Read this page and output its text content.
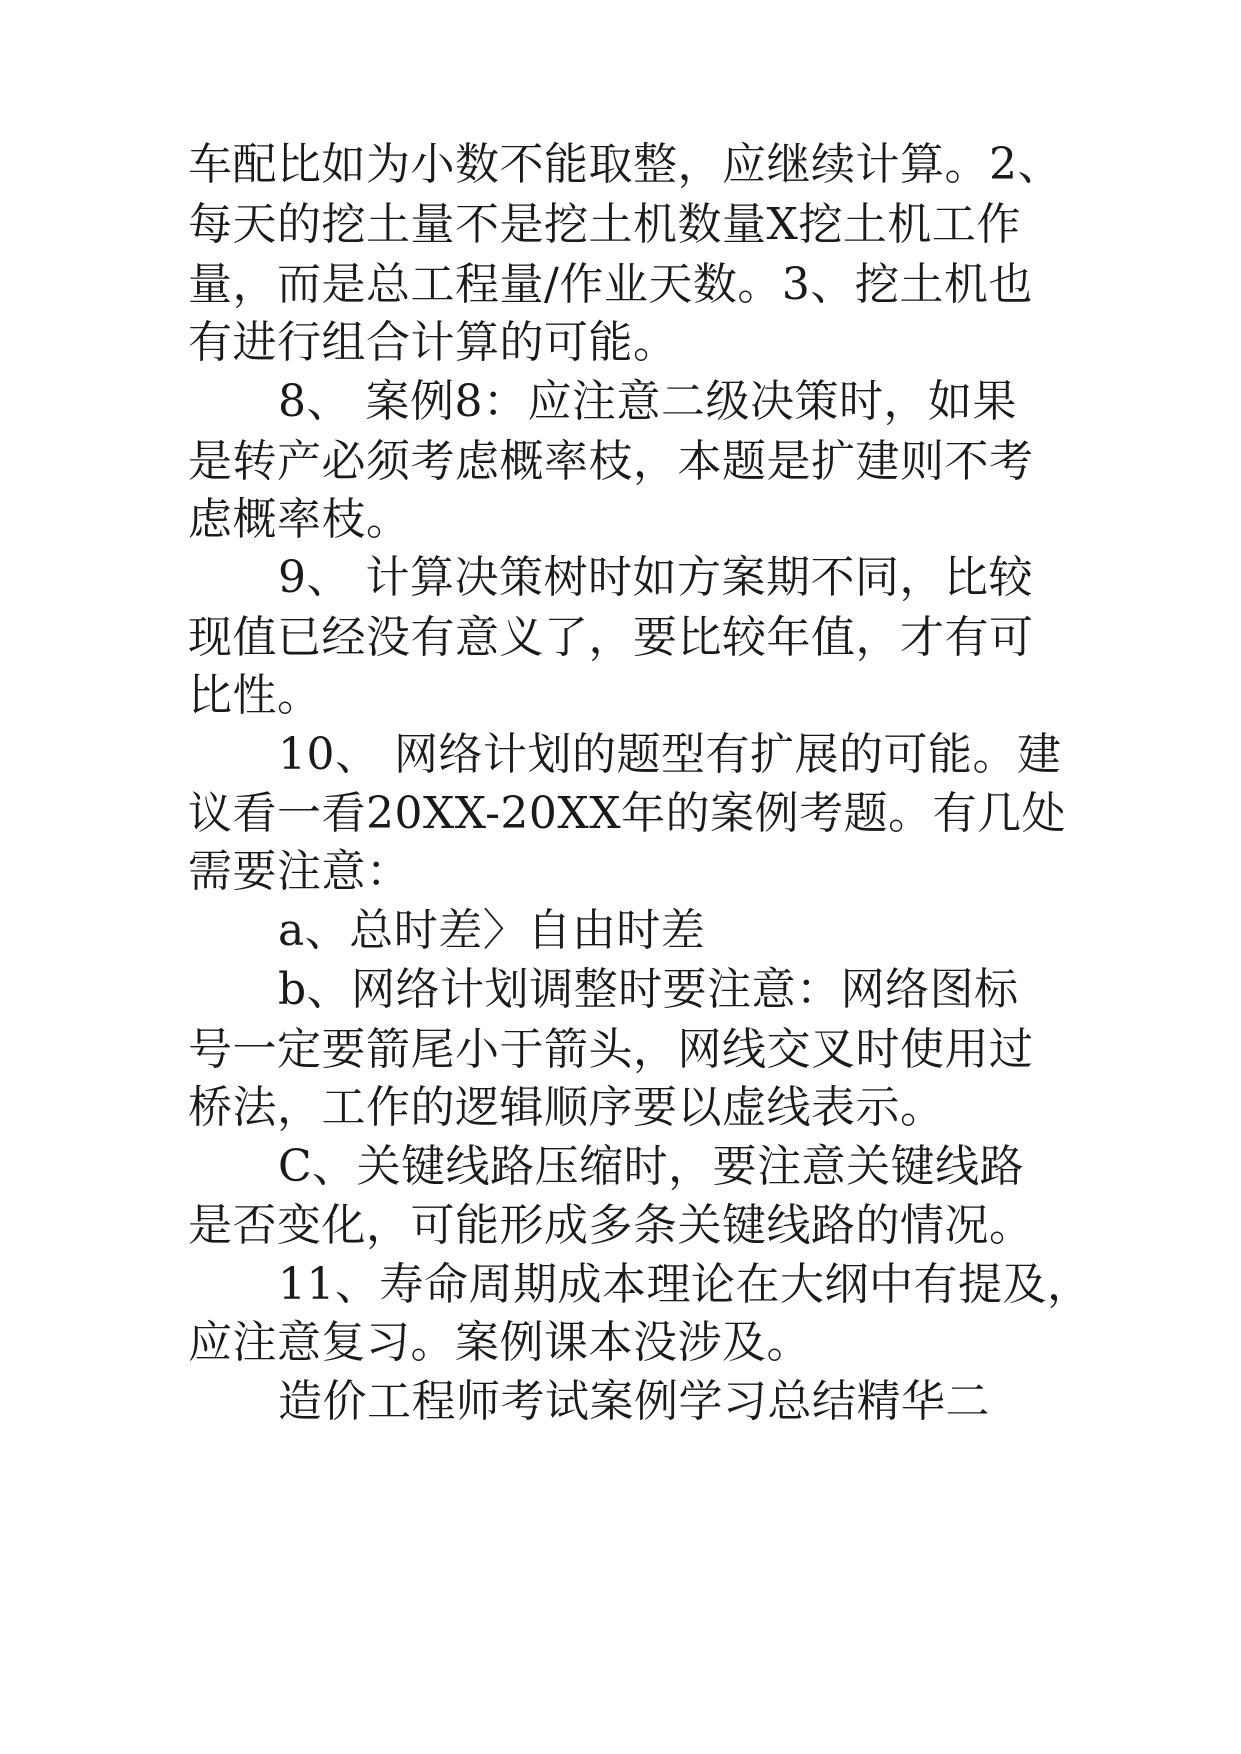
车配比如为小数不能取整，应继续计算。2、
每天的挖土量不是挖土机数量X挖土机工作
量，而是总工程量/作业天数。3、挖土机也
有进行组合计算的可能。
8、 案例8：应注意二级决策时，如果
是转产必须考虑概率枝，本题是扩建则不考
虑概率枝。
9、 计算决策树时如方案期不同，比较
现值已经没有意义了，要比较年值，才有可
比性。
10、 网络计划的题型有扩展的可能。建
议看一看20XX-20XX年的案例考题。有几处
需要注意：
a、总时差〉自由时差
b、网络计划调整时要注意：网络图标
号一定要箭尾小于箭头，网线交叉时使用过
桥法，工作的逻辑顺序要以虚线表示。
C、关键线路压缩时，要注意关键线路
是否变化，可能形成多条关键线路的情况。
11、寿命周期成本理论在大纲中有提及，
应注意复习。案例课本没涉及。
造价工程师考试案例学习总结精华二
